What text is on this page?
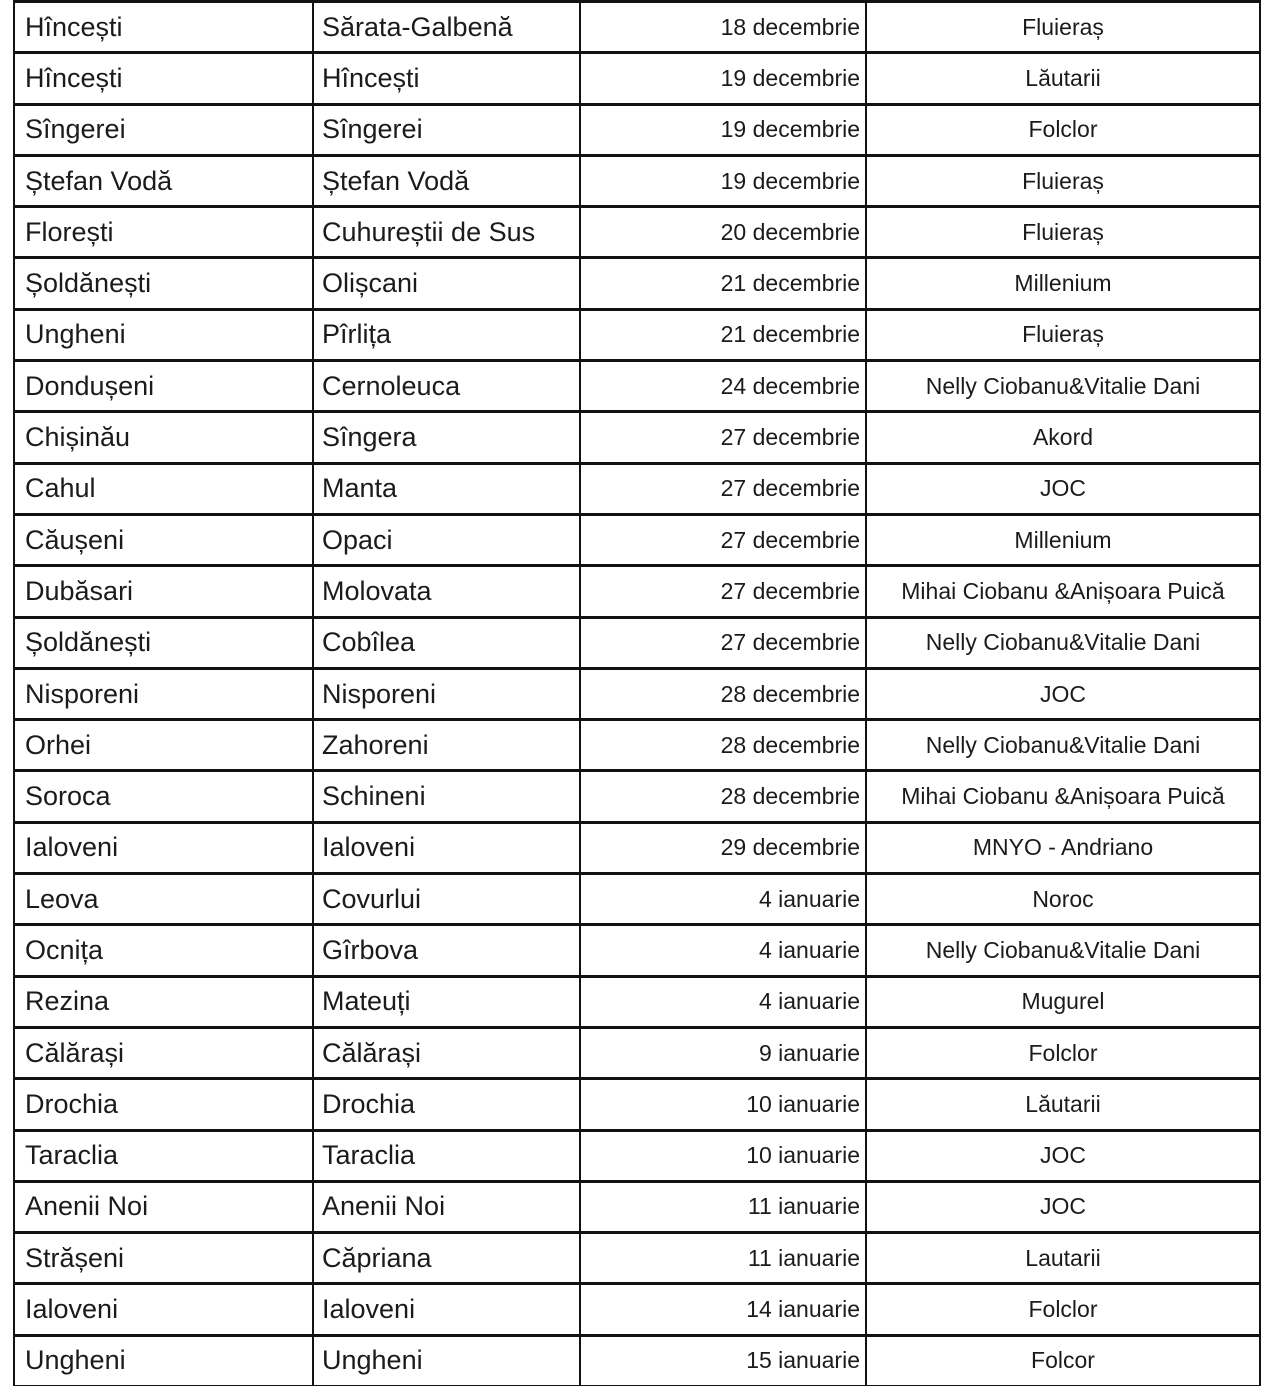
Hîncești	Sărata-Galbenă	18 decembrie	Fluieraș
Hîncești	Hîncești	19 decembrie	Lăutarii
Sîngerei	Sîngerei	19 decembrie	Folclor
Ștefan Vodă	Ștefan Vodă	19 decembrie	Fluieraș
Florești	Cuhureștii de Sus	20 decembrie	Fluieraș
Șoldănești	Olișcani	21 decembrie	Millenium
Ungheni	Pîrlița	21 decembrie	Fluieraș
Dondușeni	Cernoleuca	24 decembrie	Nelly Ciobanu&Vitalie Dani
Chișinău	Sîngera	27 decembrie	Akord
Cahul	Manta	27 decembrie	JOC
Căușeni	Opaci	27 decembrie	Millenium
Dubăsari	Molovata	27 decembrie	Mihai Ciobanu &Anișoara Puică
Șoldănești	Cobîlea	27 decembrie	Nelly Ciobanu&Vitalie Dani
Nisporeni	Nisporeni	28 decembrie	JOC
Orhei	Zahoreni	28 decembrie	Nelly Ciobanu&Vitalie Dani
Soroca	Schineni	28 decembrie	Mihai Ciobanu &Anișoara Puică
Ialoveni	Ialoveni	29 decembrie	MNYO - Andriano
Leova	Covurlui	4 ianuarie	Noroc
Ocnița	Gîrbova	4 ianuarie	Nelly Ciobanu&Vitalie Dani
Rezina	Mateuți	4 ianuarie	Mugurel
Călărași	Călărași	9 ianuarie	Folclor
Drochia	Drochia	10 ianuarie	Lăutarii
Taraclia	Taraclia	10 ianuarie	JOC
Anenii Noi	Anenii Noi	11 ianuarie	JOC
Strășeni	Căpriana	11 ianuarie	Lautarii
Ialoveni	Ialoveni	14 ianuarie	Folclor
Ungheni	Ungheni	15 ianuarie	Folcor
